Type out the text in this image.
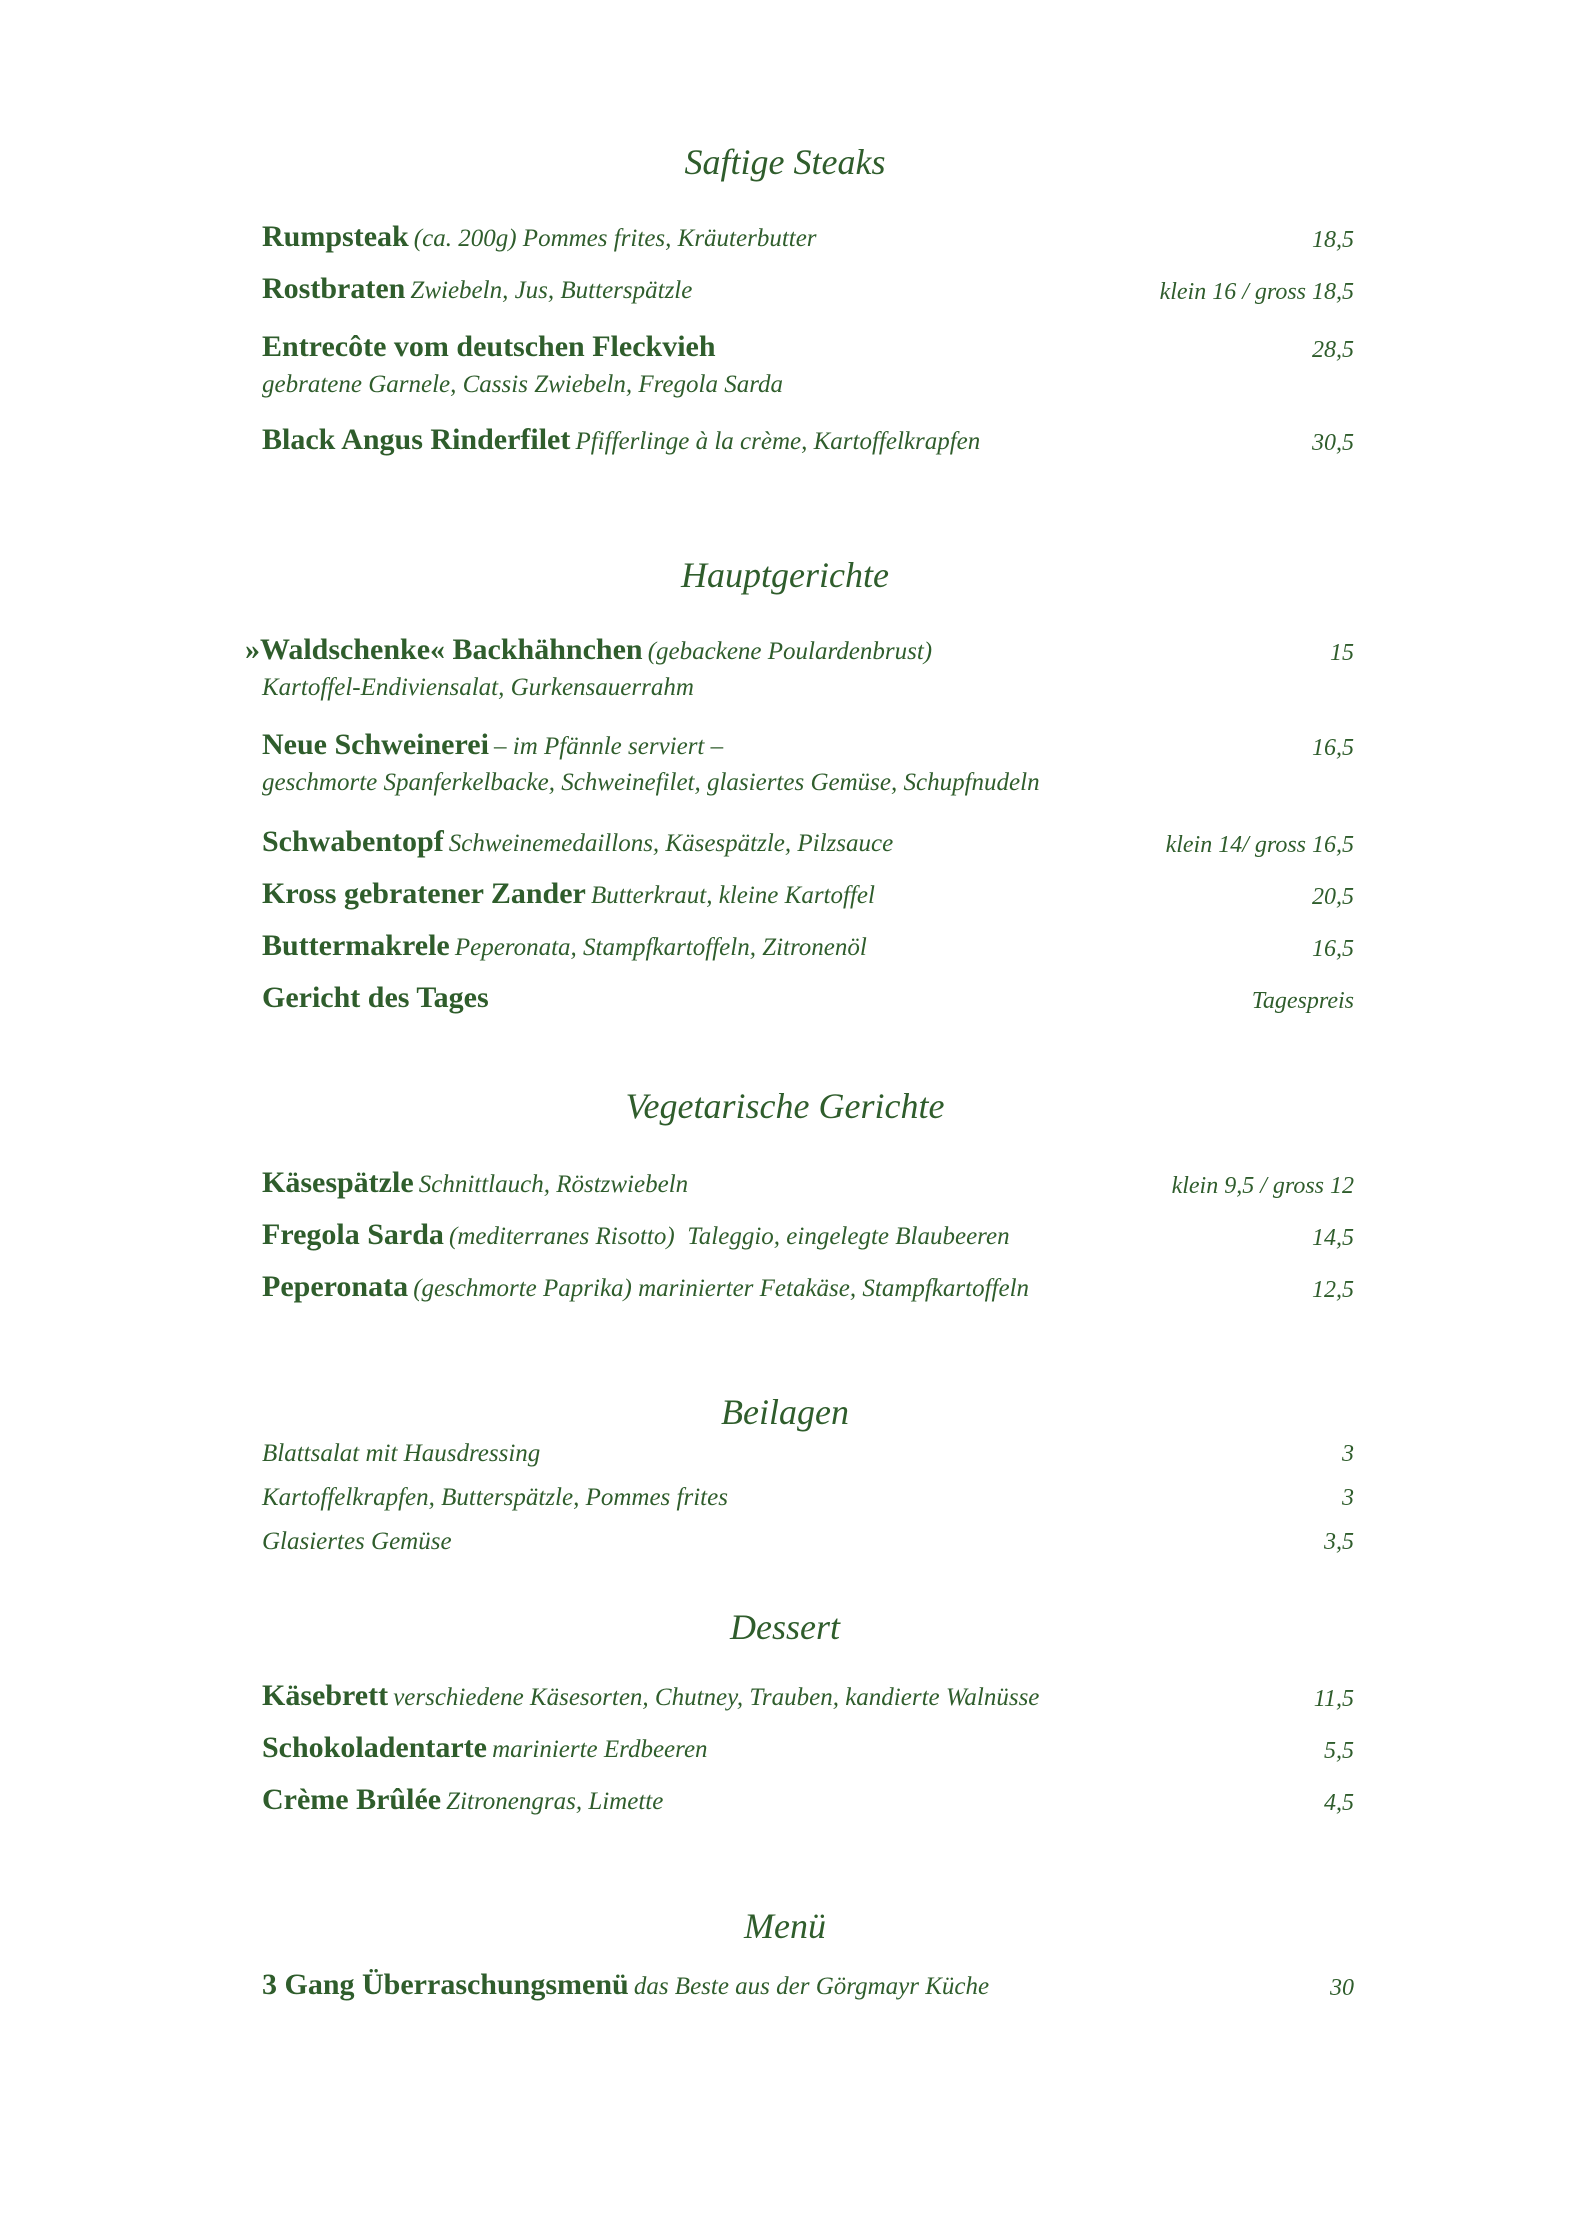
Saftige Steaks
Rumpsteak (ca. 200g) Pommes frites, Kräuterbutter	18,5
Rostbraten Zwiebeln, Jus, Butterspätzle	klein 16 / gross 18,5
Entrecôte vom deutschen Fleckvieh
gebratene Garnele, Cassis Zwiebeln, Fregola Sarda
28,5
Black Angus Rinderfilet Pfifferlinge à la crème, Kartoffelkrapfen	30,5
Hauptgerichte
»Waldschenke« Backhähnchen (gebackene Poulardenbrust)
Kartoffel-Endiviensalat, Gurkensauerrahm
15
Neue Schweinerei – im Pfännle serviert –
geschmorte Spanferkelbacke, Schweinefilet, glasiertes Gemüse, Schupfnudeln
16,5
Schwabentopf Schweinemedaillons, Käsespätzle, Pilzsauce	klein 14/ gross 16,5
Kross gebratener Zander Butterkraut, kleine Kartoffel	20,5
Buttermakrele Peperonata, Stampfkartoffeln, Zitronenöl	16,5
Gericht des Tages	Tagespreis
Vegetarische Gerichte
Käsespätzle Schnittlauch, Röstzwiebeln	klein 9,5 / gross 12
Fregola Sarda (mediterranes Risotto)  Taleggio, eingelegte Blaubeeren	14,5
Peperonata (geschmorte Paprika) marinierter Fetakäse, Stampfkartoffeln	12,5
Beilagen
Blattsalat mit Hausdressing	3
Kartoffelkrapfen, Butterspätzle, Pommes frites	3
Glasiertes Gemüse	3,5
Dessert
Käsebrett verschiedene Käsesorten, Chutney, Trauben, kandierte Walnüsse	11,5
Schokoladentarte marinierte Erdbeeren	5,5
Crème Brûlée Zitronengras, Limette	4,5
Menü
3 Gang Überraschungsmenü das Beste aus der Görgmayr Küche	30
